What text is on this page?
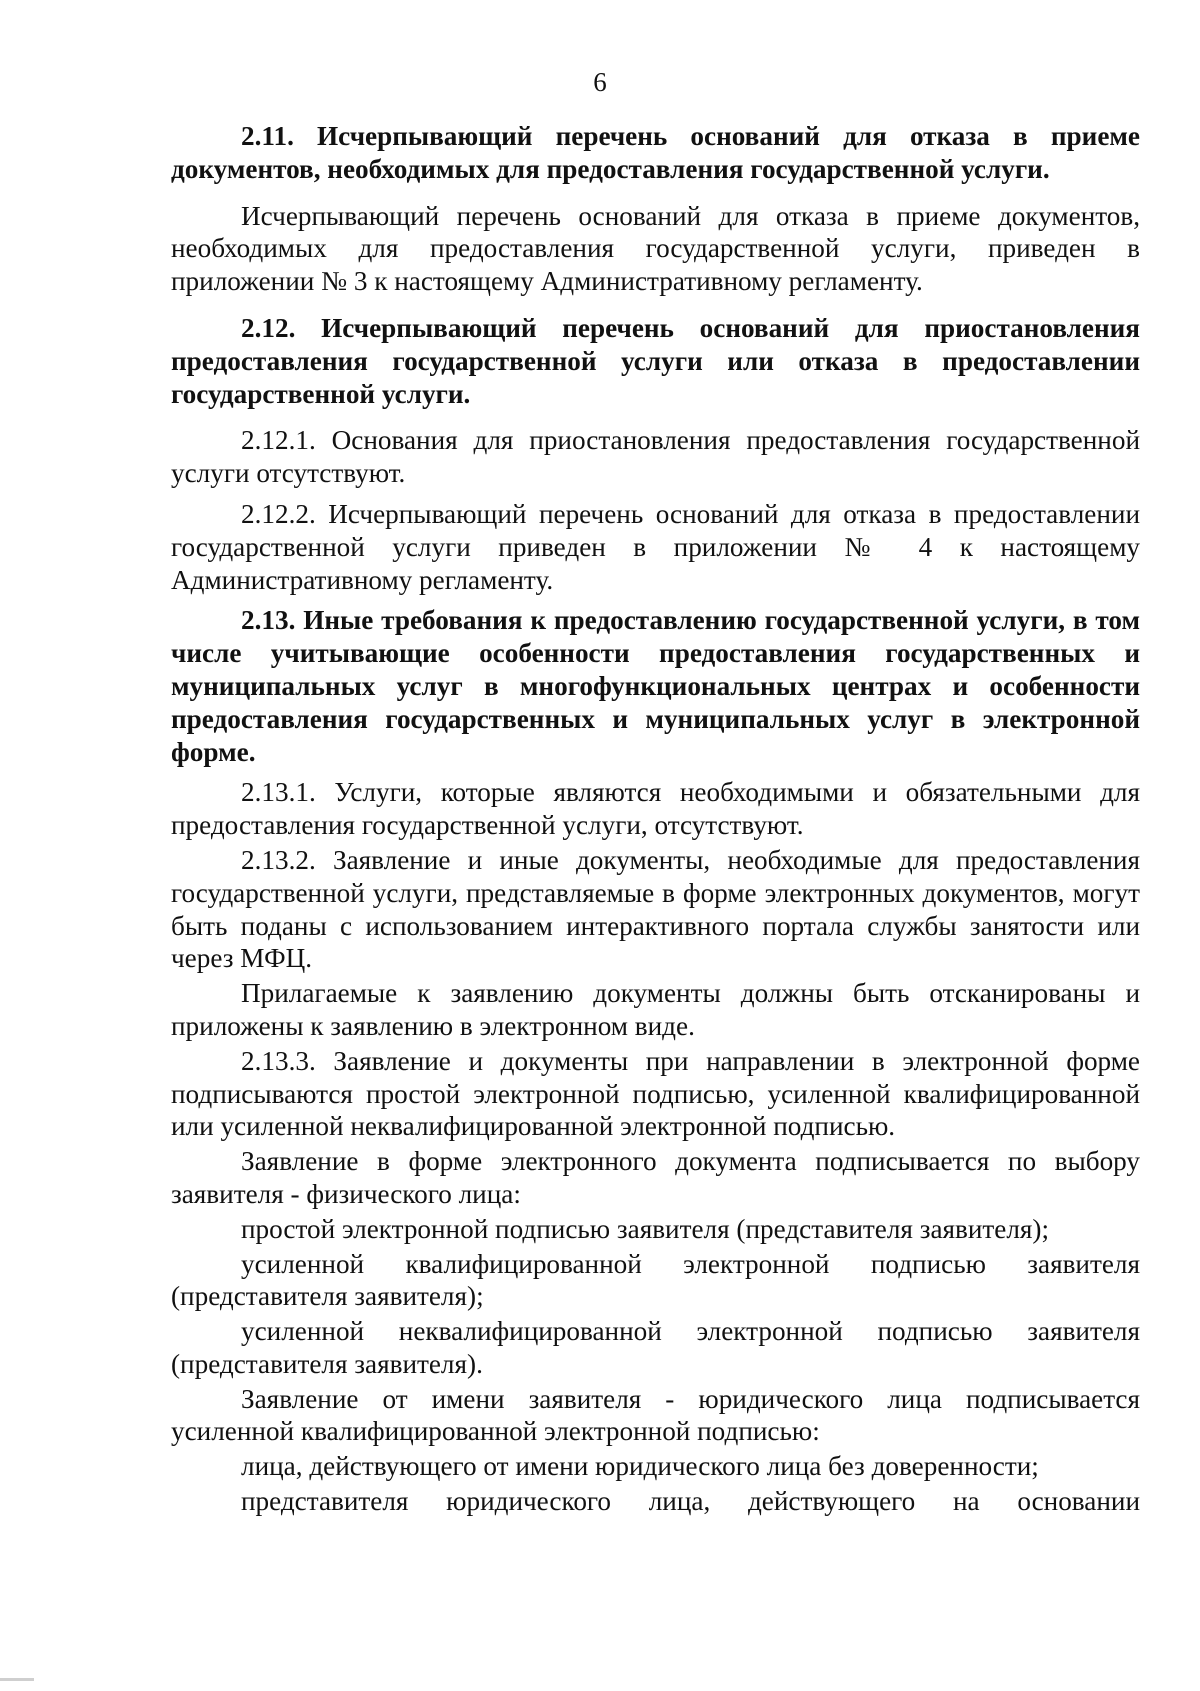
6

2.11. Исчерпывающий перечень оснований для отказа в приеме документов, необходимых для предоставления государственной услуги.

Исчерпывающий перечень оснований для отказа в приеме документов, необходимых для предоставления государственной услуги, приведен в приложении № 3 к настоящему Административному регламенту.

2.12. Исчерпывающий перечень оснований для приостановления предоставления государственной услуги или отказа в предоставлении государственной услуги.

2.12.1. Основания для приостановления предоставления государственной услуги отсутствуют.

2.12.2. Исчерпывающий перечень оснований для отказа в предоставлении государственной услуги приведен в приложении № 4 к настоящему Административному регламенту.

2.13. Иные требования к предоставлению государственной услуги, в том числе учитывающие особенности предоставления государственных и муниципальных услуг в многофункциональных центрах и особенности предоставления государственных и муниципальных услуг в электронной форме.

2.13.1. Услуги, которые являются необходимыми и обязательными для предоставления государственной услуги, отсутствуют.

2.13.2. Заявление и иные документы, необходимые для предоставления государственной услуги, представляемые в форме электронных документов, могут быть поданы с использованием интерактивного портала службы занятости или через МФЦ.

Прилагаемые к заявлению документы должны быть отсканированы и приложены к заявлению в электронном виде.

2.13.3. Заявление и документы при направлении в электронной форме подписываются простой электронной подписью, усиленной квалифицированной или усиленной неквалифицированной электронной подписью.

Заявление в форме электронного документа подписывается по выбору заявителя - физического лица:

простой электронной подписью заявителя (представителя заявителя);

усиленной квалифицированной электронной подписью заявителя (представителя заявителя);

усиленной неквалифицированной электронной подписью заявителя (представителя заявителя).

Заявление от имени заявителя - юридического лица подписывается усиленной квалифицированной электронной подписью:

лица, действующего от имени юридического лица без доверенности;

представителя юридического лица, действующего на основании
